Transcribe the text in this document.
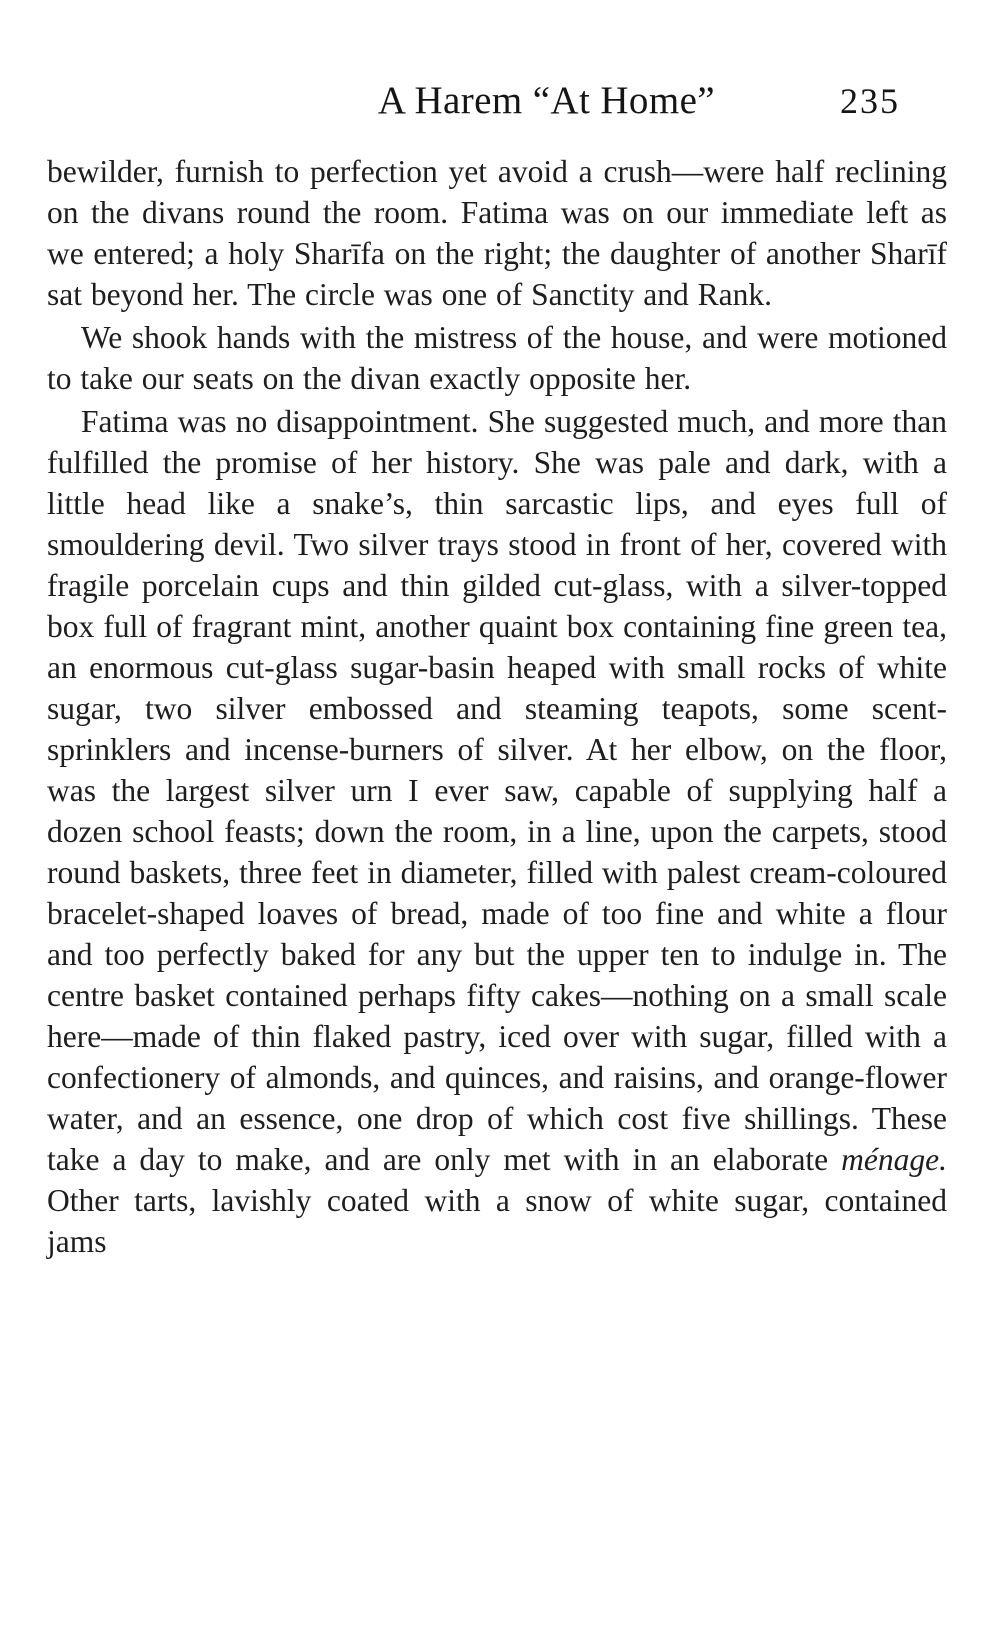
A Harem “At Home”	235

bewilder, furnish to perfection yet avoid a crush—were half reclining on the divans round the room. Fatima was on our immediate left as we entered; a holy Sharīfa on the right; the daughter of another Sharīf sat beyond her. The circle was one of Sanctity and Rank.

We shook hands with the mistress of the house, and were motioned to take our seats on the divan exactly opposite her.

Fatima was no disappointment. She suggested much, and more than fulfilled the promise of her history. She was pale and dark, with a little head like a snake’s, thin sarcastic lips, and eyes full of smouldering devil. Two silver trays stood in front of her, covered with fragile porcelain cups and thin gilded cut-glass, with a silver-topped box full of fragrant mint, another quaint box containing fine green tea, an enormous cut-glass sugar-basin heaped with small rocks of white sugar, two silver embossed and steaming teapots, some scent-sprinklers and incense-burners of silver. At her elbow, on the floor, was the largest silver urn I ever saw, capable of supplying half a dozen school feasts; down the room, in a line, upon the carpets, stood round baskets, three feet in diameter, filled with palest cream-coloured bracelet-shaped loaves of bread, made of too fine and white a flour and too perfectly baked for any but the upper ten to indulge in. The centre basket contained perhaps fifty cakes—nothing on a small scale here—made of thin flaked pastry, iced over with sugar, filled with a confectionery of almonds, and quinces, and raisins, and orange-flower water, and an essence, one drop of which cost five shillings. These take a day to make, and are only met with in an elaborate ménage. Other tarts, lavishly coated with a snow of white sugar, contained jams
